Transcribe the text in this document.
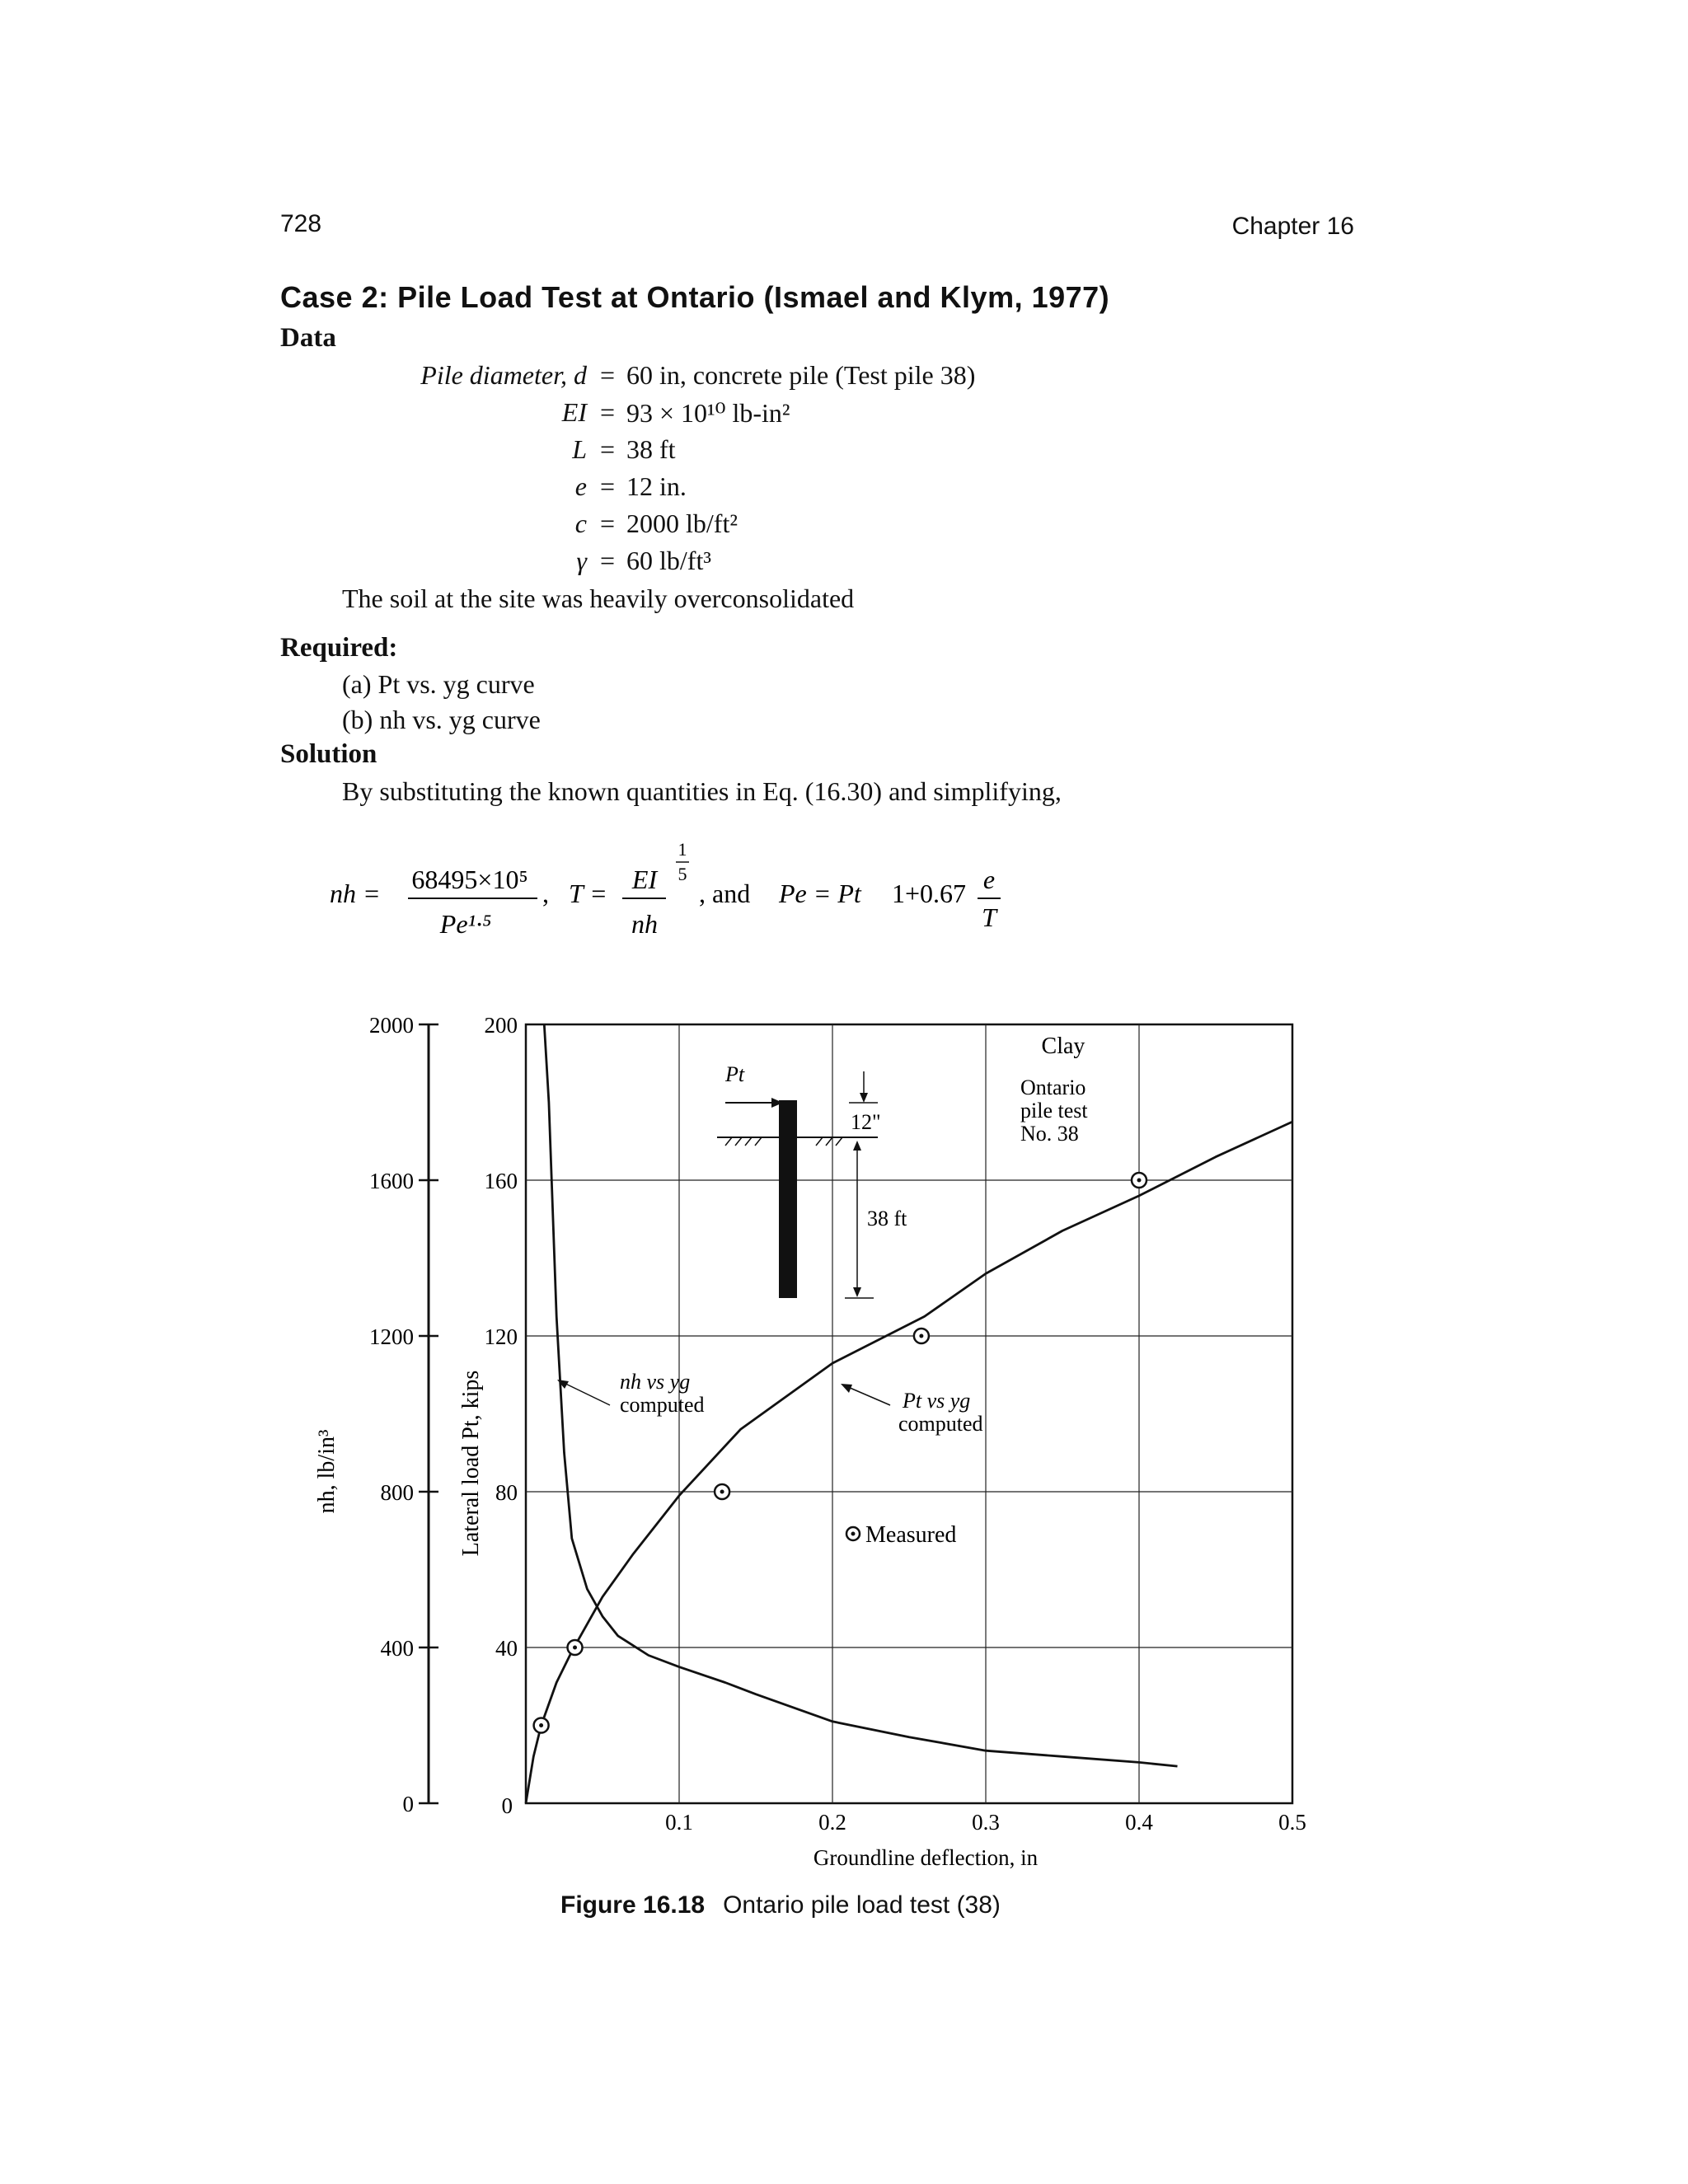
728	Chapter 16
Case 2: Pile Load Test at Ontario (Ismael and Klym, 1977)
Data
Pile diameter, d = 60 in, concrete pile (Test pile 38)
EI = 93 × 10¹⁰ lb-in²
L = 38 ft
e = 12 in.
c = 2000 lb/ft²
γ = 60 lb/ft³
The soil at the site was heavily overconsolidated
Required:
(a) Pt vs. yg curve
(b) nh vs. yg curve
Solution
By substituting the known quantities in Eq. (16.30) and simplifying,
nh = 68495×10⁵
Pe¹·⁵
, T = EI
nh
1
5
, and Pe = Pt 1+0.67 e
T
0.1	0.2	0.3	0.4	0.5
0
40
80
120
160
200
0
400
800
1200
1600
2000
Groundline deflection, in
Lateral load Pt, kips
nh, lb/in³
Pt
12"
38 ft
Clay
Ontario
pile test
No. 38
Measured
nh vs yg
computed	Pt vs yg
computed
Figure 16.18 Ontario pile load test (38)
